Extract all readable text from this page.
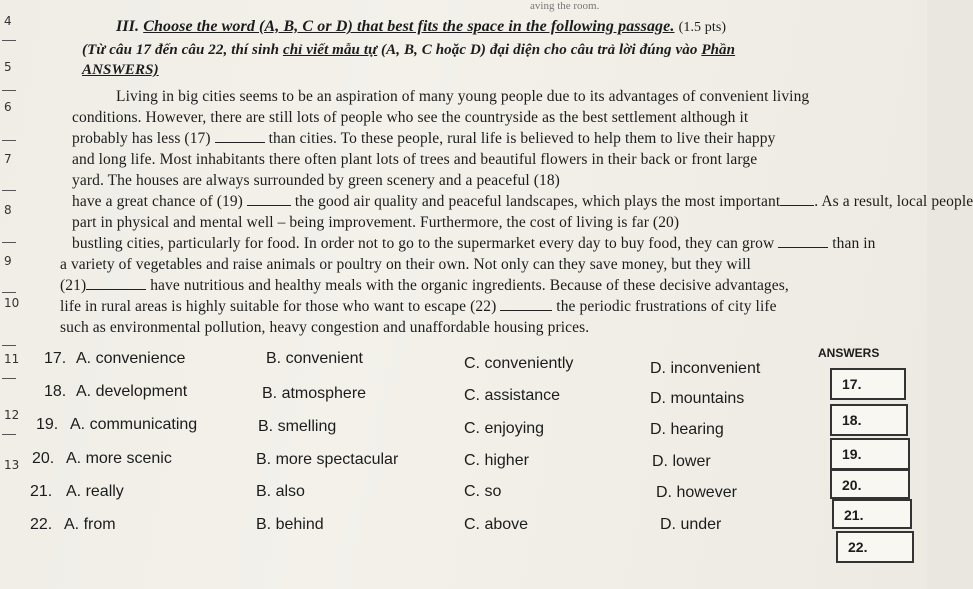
aving the room.
4
5
6
7
8
9
10
11
12
13
III. Choose the word (A, B, C or D) that best fits the space in the following passage. (1.5 pts)
(Từ câu 17 đến câu 22, thí sinh chỉ viết mẫu tự (A, B, C hoặc D) đại diện cho câu trả lời đúng vào Phần
ANSWERS)
Living in big cities seems to be an aspiration of many young people due to its advantages of convenient living
conditions. However, there are still lots of people who see the countryside as the best settlement although it
probably has less (17)	than cities. To these people, rural life is believed to help them to live their happy
and long life. Most inhabitants there often plant lots of trees and beautiful flowers in their back or front large
yard. The houses are always surrounded by green scenery and a peaceful (18)
have a great chance of (19)	the good air quality and peaceful landscapes, which plays the most important . As a result, local people
part in physical and mental well – being improvement. Furthermore, the cost of living is far (20)
bustling cities, particularly for food. In order not to go to the supermarket every day to buy food, they can grow	than in
a variety of vegetables and raise animals or poultry on their own. Not only can they save money, but they will
(21)	have nutritious and healthy meals with the organic ingredients. Because of these decisive advantages,
life in rural areas is highly suitable for those who want to escape (22)	the periodic frustrations of city life
such as environmental pollution, heavy congestion and unaffordable housing prices.
17. A. convenience	B. convenient	C. conveniently	D. inconvenient
18. A. development	B. atmosphere	C. assistance	D. mountains
19. A. communicating	B. smelling	C. enjoying	D. hearing
20. A. more scenic	B. more spectacular	C. higher	D. lower
21. A. really	B. also	C. so	D. however
22. A. from	B. behind	C. above	D. under
ANSWERS
17.
18.
19.
20.
21.
22.
